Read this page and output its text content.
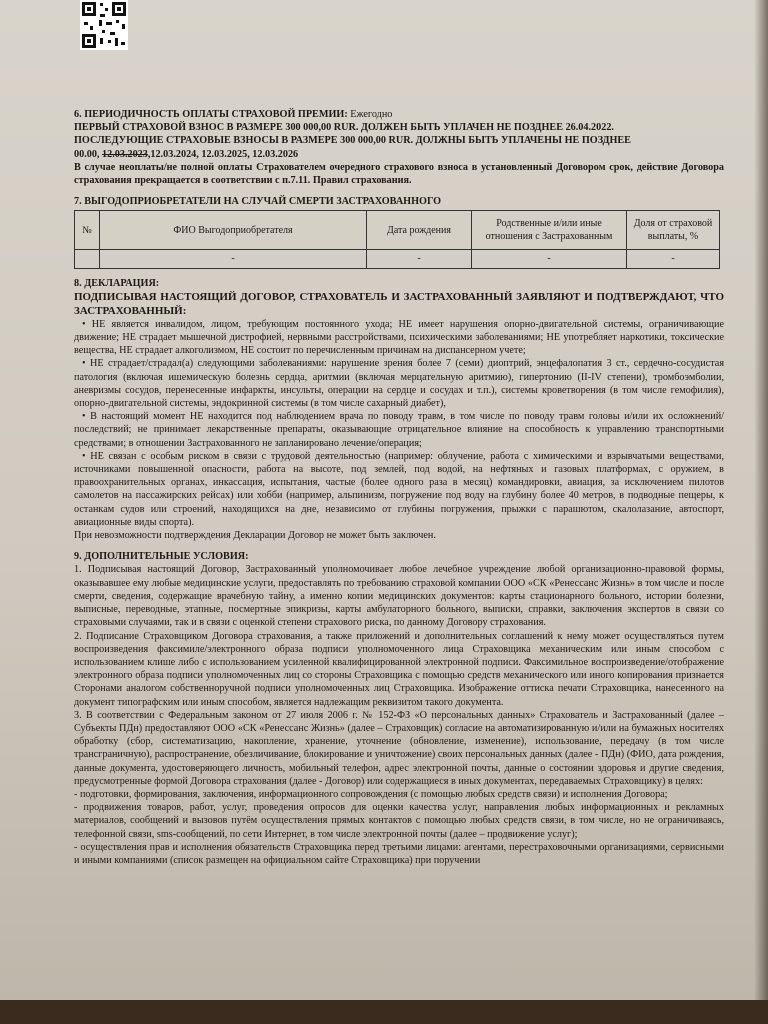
6. ПЕРИОДИЧНОСТЬ ОПЛАТЫ СТРАХОВОЙ ПРЕМИИ: Ежегодно

ПЕРВЫЙ СТРАХОВОЙ ВЗНОС В РАЗМЕРЕ 300 000,00 RUR. ДОЛЖЕН БЫТЬ УПЛАЧЕН НЕ ПОЗДНЕЕ 26.04.2022.

ПОСЛЕДУЮЩИЕ СТРАХОВЫЕ ВЗНОСЫ В РАЗМЕРЕ 300 000,00 RUR. ДОЛЖНЫ БЫТЬ УПЛАЧЕНЫ НЕ ПОЗДНЕЕ

00.00, 12.03.2023,12.03.2024, 12.03.2025, 12.03.2026

В случае неоплаты/не полной оплаты Страхователем очередного страхового взноса в установленный Договором срок, действие Договора страхования прекращается в соответствии с п.7.11. Правил страхования.

7. ВЫГОДОПРИОБРЕТАТЕЛИ НА СЛУЧАЙ СМЕРТИ ЗАСТРАХОВАННОГО

№	ФИО Выгодоприобретателя	Дата рождения	Родственные и/или иные отношения с Застрахованным	Доля от страховой выплаты, %
	-	-	-	-

8. ДЕКЛАРАЦИЯ:

ПОДПИСЫВАЯ НАСТОЯЩИЙ ДОГОВОР, СТРАХОВАТЕЛЬ И ЗАСТРАХОВАННЫЙ ЗАЯВЛЯЮТ И ПОДТВЕРЖДАЮТ, ЧТО ЗАСТРАХОВАННЫЙ:

• НЕ является инвалидом, лицом, требующим постоянного ухода; НЕ имеет нарушения опорно-двигательной системы, ограничивающие движение; НЕ страдает мышечной дистрофией, нервными расстройствами, психическими заболеваниями; НЕ употребляет наркотики, токсические вещества, НЕ страдает алкоголизмом, НЕ состоит по перечисленным причинам на диспансерном учете;

• НЕ страдает/страдал(а) следующими заболеваниями: нарушение зрения более 7 (семи) диоптрий, энцефалопатия 3 ст., сердечно-сосудистая патология (включая ишемическую болезнь сердца, аритмии (включая мерцательную аритмию), гипертонию (II-IV степени), тромбоэмболии, аневризмы сосудов, перенесенные инфаркты, инсульты, операции на сердце и сосудах и т.п.), системы кроветворения (в том числе гемофилия), опорно-двигательной системы, эндокринной системы (в том числе сахарный диабет),

• В настоящий момент НЕ находится под наблюдением врача по поводу травм, в том числе по поводу травм головы и/или их осложнений/последствий; не принимает лекарственные препараты, оказывающие отрицательное влияние на способность к управлению транспортными средствами; в отношении Застрахованного не запланировано лечение/операция;

• НЕ связан с особым риском в связи с трудовой деятельностью (например: облучение, работа с химическими и взрывчатыми веществами, источниками повышенной опасности, работа на высоте, под землей, под водой, на нефтяных и газовых платформах, с оружием, в правоохранительных органах, инкассация, испытания, частые (более одного раза в месяц) командировки, авиация, за исключением пилотов самолетов на пассажирских рейсах) или хобби (например, альпинизм, погружение под воду на глубину более 40 метров, в подводные пещеры, к останкам судов или строений, находящихся на дне, независимо от глубины погружения, прыжки с парашютом, скалолазание, автоспорт, авиационные виды спорта).

При невозможности подтверждения Декларации Договор не может быть заключен.

9. ДОПОЛНИТЕЛЬНЫЕ УСЛОВИЯ:

1. Подписывая настоящий Договор, Застрахованный уполномочивает любое лечебное учреждение любой организационно-правовой формы, оказывавшее ему любые медицинские услуги, предоставлять по требованию страховой компании ООО «СК «Ренессанс Жизнь» в том числе и после смерти, сведения, содержащие врачебную тайну, а именно копии медицинских документов: карты стационарного больного, истории болезни, выписные, переводные, этапные, посмертные эпикризы, карты амбулаторного больного, выписки, справки, заключения экспертов в связи со страховыми случаями, так и в связи с оценкой степени страхового риска, по данному Договору страхования.

2. Подписание Страховщиком Договора страхования, а также приложений и дополнительных соглашений к нему может осуществляться путем воспроизведения факсимиле/электронного образа подписи уполномоченного лица Страховщика механическим или иным способом с использованием клише либо с использованием усиленной квалифицированной электронной подписи. Факсимильное воспроизведение/отображение электронного образа подписи уполномоченных лиц со стороны Страховщика с помощью средств механического или иного копирования признается Сторонами аналогом собственноручной подписи уполномоченных лиц Страховщика. Изображение оттиска печати Страховщика, нанесенного на документ типографским или иным способом, является надлежащим реквизитом такого документа.

3. В соответствии с Федеральным законом от 27 июля 2006 г. № 152-ФЗ «О персональных данных» Страхователь и Застрахованный (далее – Субъекты ПДн) предоставляют ООО «СК «Ренессанс Жизнь» (далее – Страховщик) согласие на автоматизированную и/или на бумажных носителях обработку (сбор, систематизацию, накопление, хранение, уточнение (обновление, изменение), использование, передачу (в том числе трансграничную), распространение, обезличивание, блокирование и уничтожение) своих персональных данных (далее - ПДн) (ФИО, дата рождения, данные документа, удостоверяющего личность, мобильный телефон, адрес электронной почты, данные о состоянии здоровья и другие сведения, предусмотренные формой Договора страхования (далее - Договор) или содержащиеся в иных документах, передаваемых Страховщику) в целях:

- подготовки, формирования, заключения, информационного сопровождения (с помощью любых средств связи) и исполнения Договора;

- продвижения товаров, работ, услуг, проведения опросов для оценки качества услуг, направления любых информационных и рекламных материалов, сообщений и вызовов путём осуществления прямых контактов с помощью любых средств связи, в том числе, но не ограничиваясь, телефонной связи, sms-сообщений, по сети Интернет, в том числе электронной почты (далее – продвижение услуг);

- осуществления прав и исполнения обязательств Страховщика перед третьими лицами: агентами, перестраховочными организациями, сервисными и иными компаниями (список размещен на официальном сайте Страховщика) при поручении
